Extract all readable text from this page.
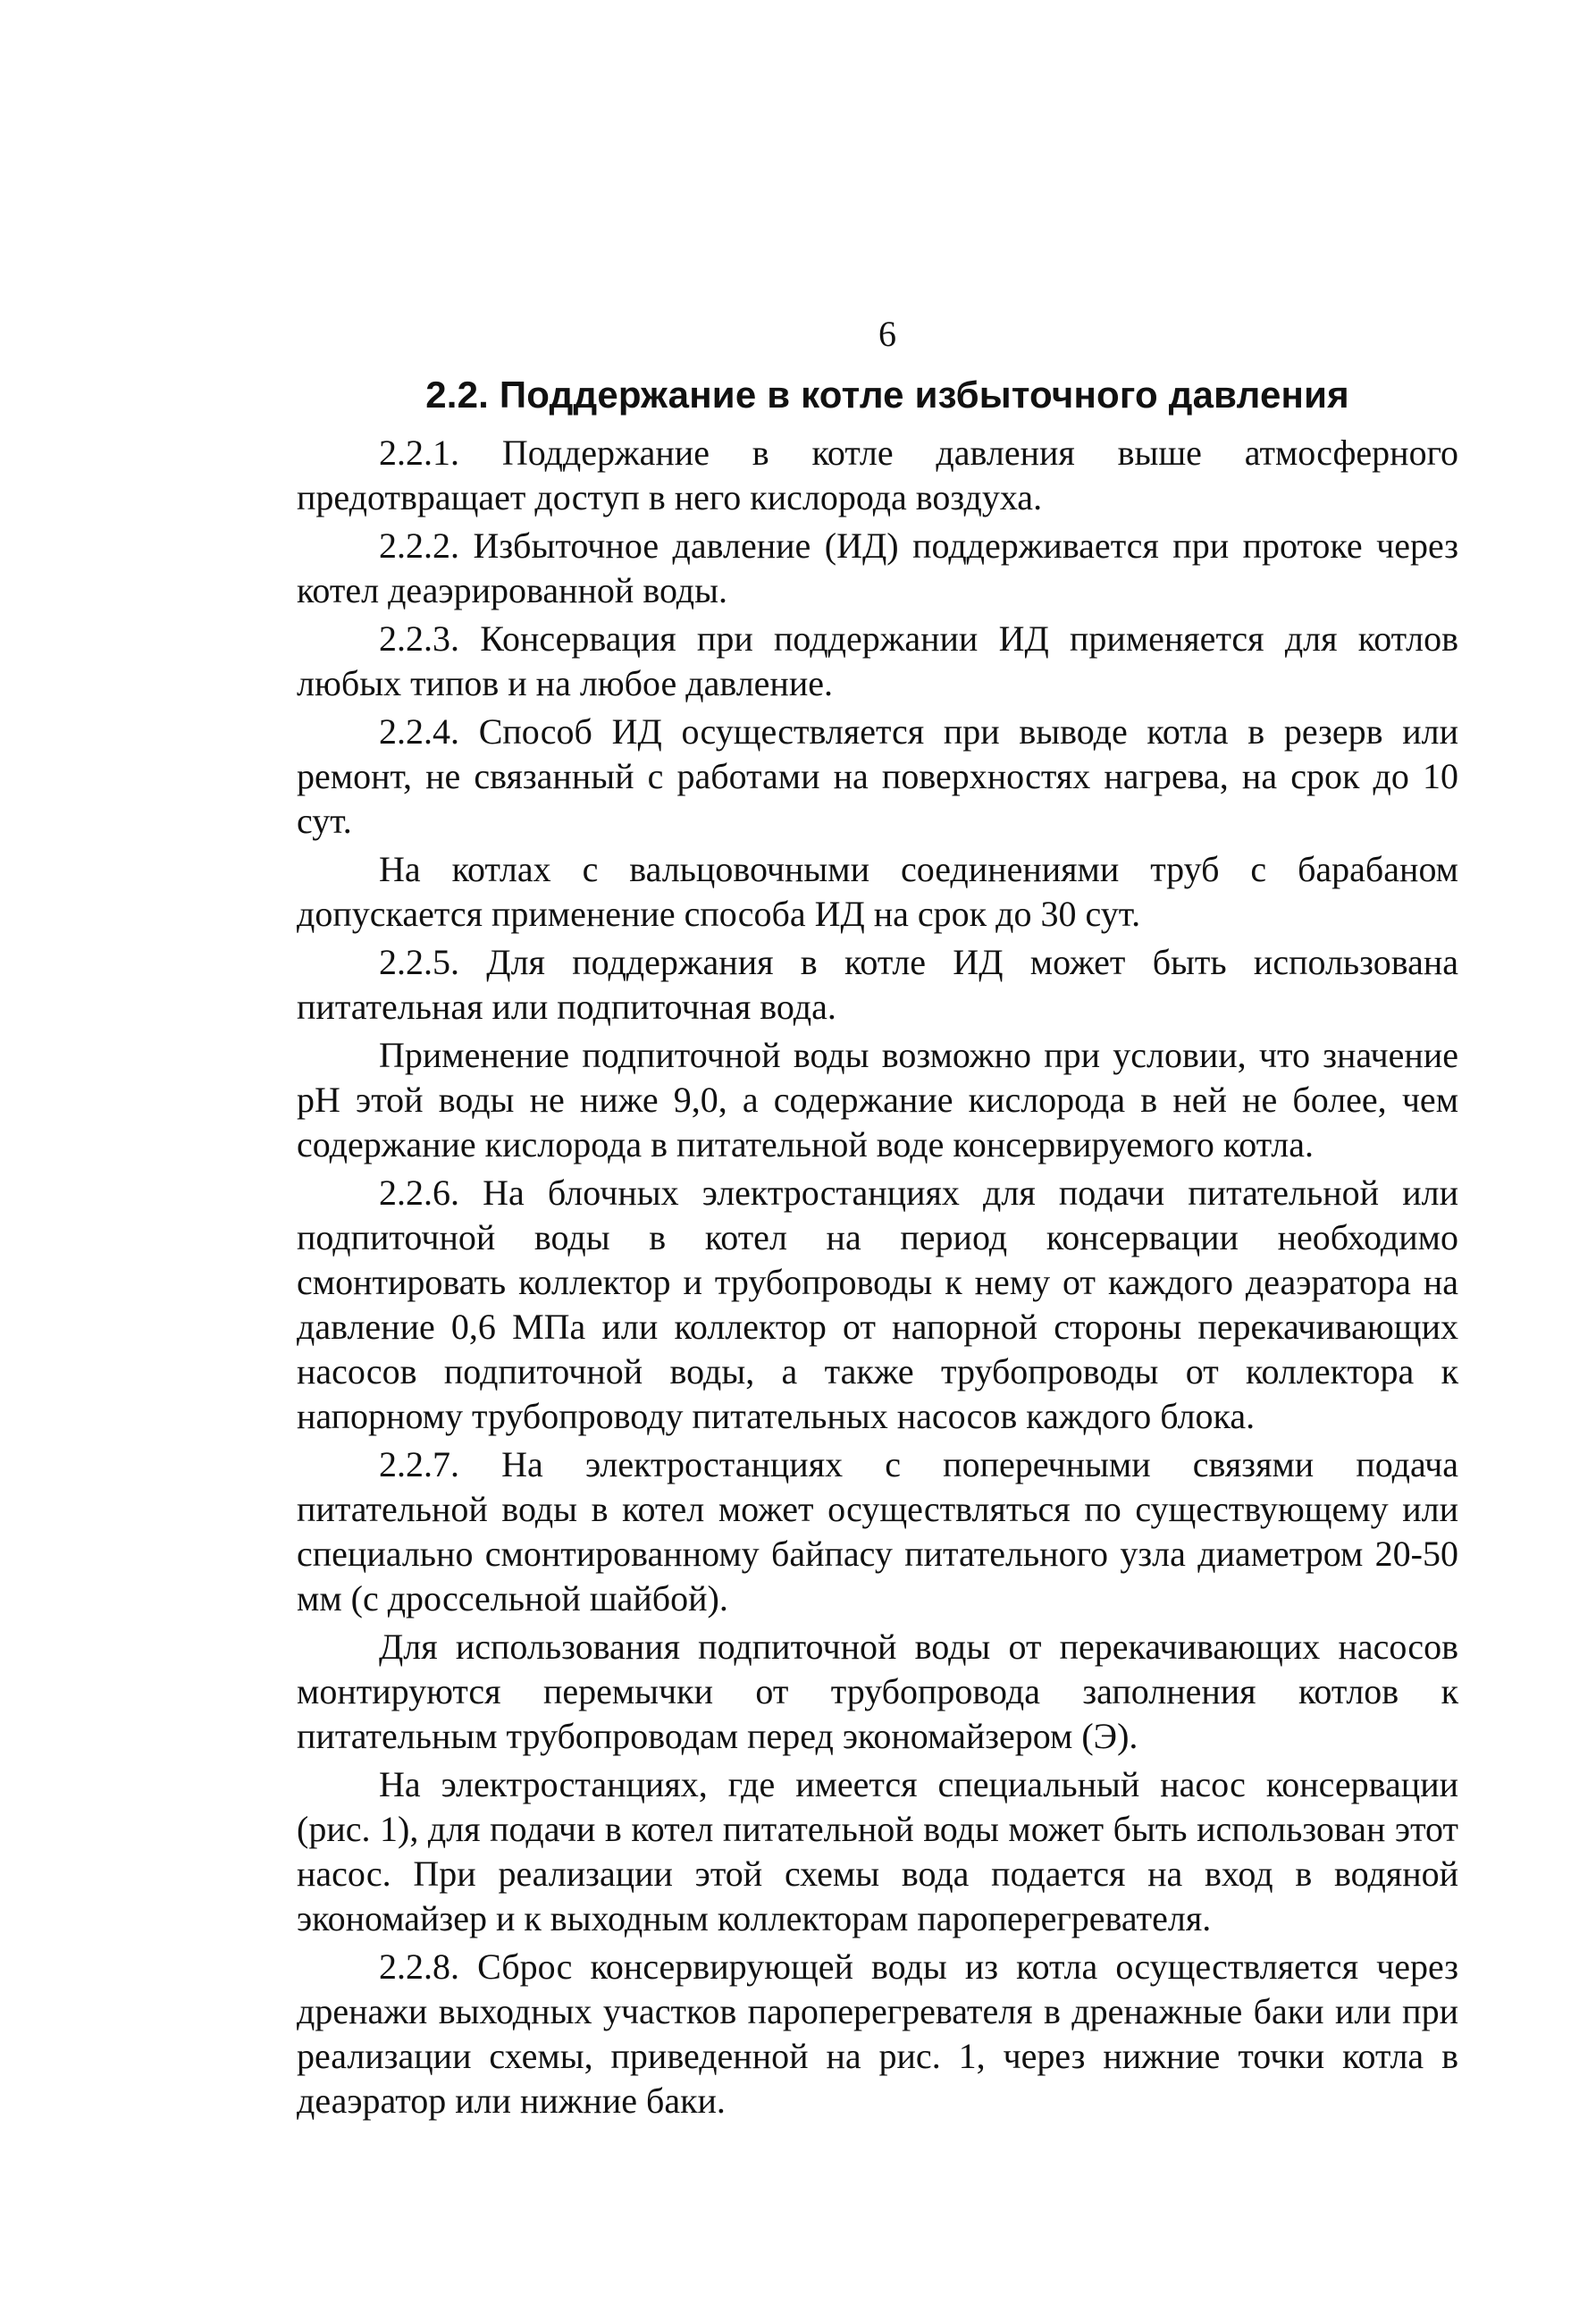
6

2.2. Поддержание в котле избыточного давления

2.2.1. Поддержание в котле давления выше атмосферного предотвращает доступ в него кислорода воздуха.

2.2.2. Избыточное давление (ИД) поддерживается при протоке через котел деаэрированной воды.

2.2.3. Консервация при поддержании ИД применяется для котлов любых типов и на любое давление.

2.2.4. Способ ИД осуществляется при выводе котла в резерв или ремонт, не связанный с работами на поверхностях нагрева, на срок до 10 сут.

На котлах с вальцовочными соединениями труб с барабаном допускается применение способа ИД на срок до 30 сут.

2.2.5. Для поддержания в котле ИД может быть использована питательная или подпиточная вода.

Применение подпиточной воды возможно при условии, что значение pH этой воды не ниже 9,0, а содержание кислорода в ней не более, чем содержание кислорода в питательной воде консервируемого котла.

2.2.6. На блочных электростанциях для подачи питательной или подпиточной воды в котел на период консервации необходимо смонтировать коллектор и трубопроводы к нему от каждого деаэратора на давление 0,6 МПа или коллектор от напорной стороны перекачивающих насосов подпиточной воды, а также трубопроводы от коллектора к напорному трубопроводу питательных насосов каждого блока.

2.2.7. На электростанциях с поперечными связями подача питательной воды в котел может осуществляться по существующему или специально смонтированному байпасу питательного узла диаметром 20-50 мм (с дроссельной шайбой).

Для использования подпиточной воды от перекачивающих насосов монтируются перемычки от трубопровода заполнения котлов к питательным трубопроводам перед экономайзером (Э).

На электростанциях, где имеется специальный насос консервации (рис. 1), для подачи в котел питательной воды может быть использован этот насос. При реализации этой схемы вода подается на вход в водяной экономайзер и к выходным коллекторам пароперегревателя.

2.2.8. Сброс консервирующей воды из котла осуществляется через дренажи выходных участков пароперегревателя в дренажные баки или при реализации схемы, приведенной на рис. 1, через нижние точки котла в деаэратор или нижние баки.
